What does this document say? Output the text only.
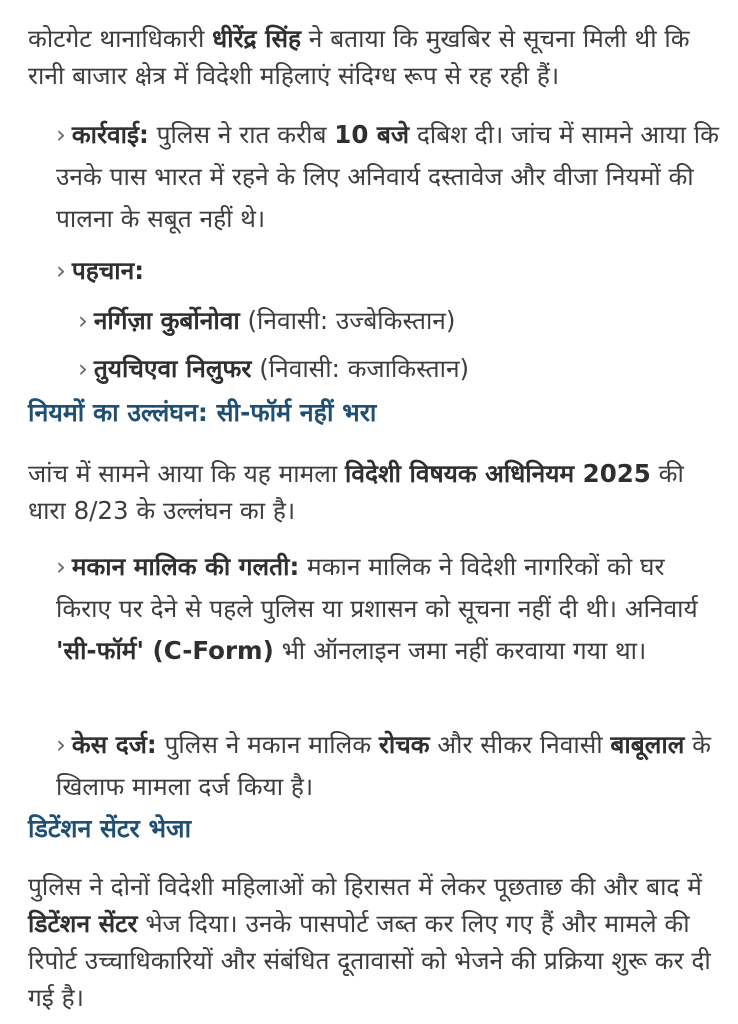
कोटगेट थानाधिकारी धीरेंद्र सिंह ने बताया कि मुखबिर से सूचना मिली थी कि रानी बाजार क्षेत्र में विदेशी महिलाएं संदिग्ध रूप से रह रही हैं।

› कार्रवाई: पुलिस ने रात करीब 10 बजे दबिश दी। जांच में सामने आया कि उनके पास भारत में रहने के लिए अनिवार्य दस्तावेज और वीजा नियमों की पालना के सबूत नहीं थे।

› पहचान:

› नर्गिज़ा कुर्बोनोवा (निवासी: उज्बेकिस्तान)

› तुयचिएवा निलुफर (निवासी: कजाकिस्तान)

नियमों का उल्लंघन: सी-फॉर्म नहीं भरा

जांच में सामने आया कि यह मामला विदेशी विषयक अधिनियम 2025 की धारा 8/23 के उल्लंघन का है।

› मकान मालिक की गलती: मकान मालिक ने विदेशी नागरिकों को घर किराए पर देने से पहले पुलिस या प्रशासन को सूचना नहीं दी थी। अनिवार्य 'सी-फॉर्म' (C-Form) भी ऑनलाइन जमा नहीं करवाया गया था।

› केस दर्ज: पुलिस ने मकान मालिक रोचक और सीकर निवासी बाबूलाल के खिलाफ मामला दर्ज किया है।

डिटेंशन सेंटर भेजा

पुलिस ने दोनों विदेशी महिलाओं को हिरासत में लेकर पूछताछ की और बाद में डिटेंशन सेंटर भेज दिया। उनके पासपोर्ट जब्त कर लिए गए हैं और मामले की रिपोर्ट उच्चाधिकारियों और संबंधित दूतावासों को भेजने की प्रक्रिया शुरू कर दी गई है।
